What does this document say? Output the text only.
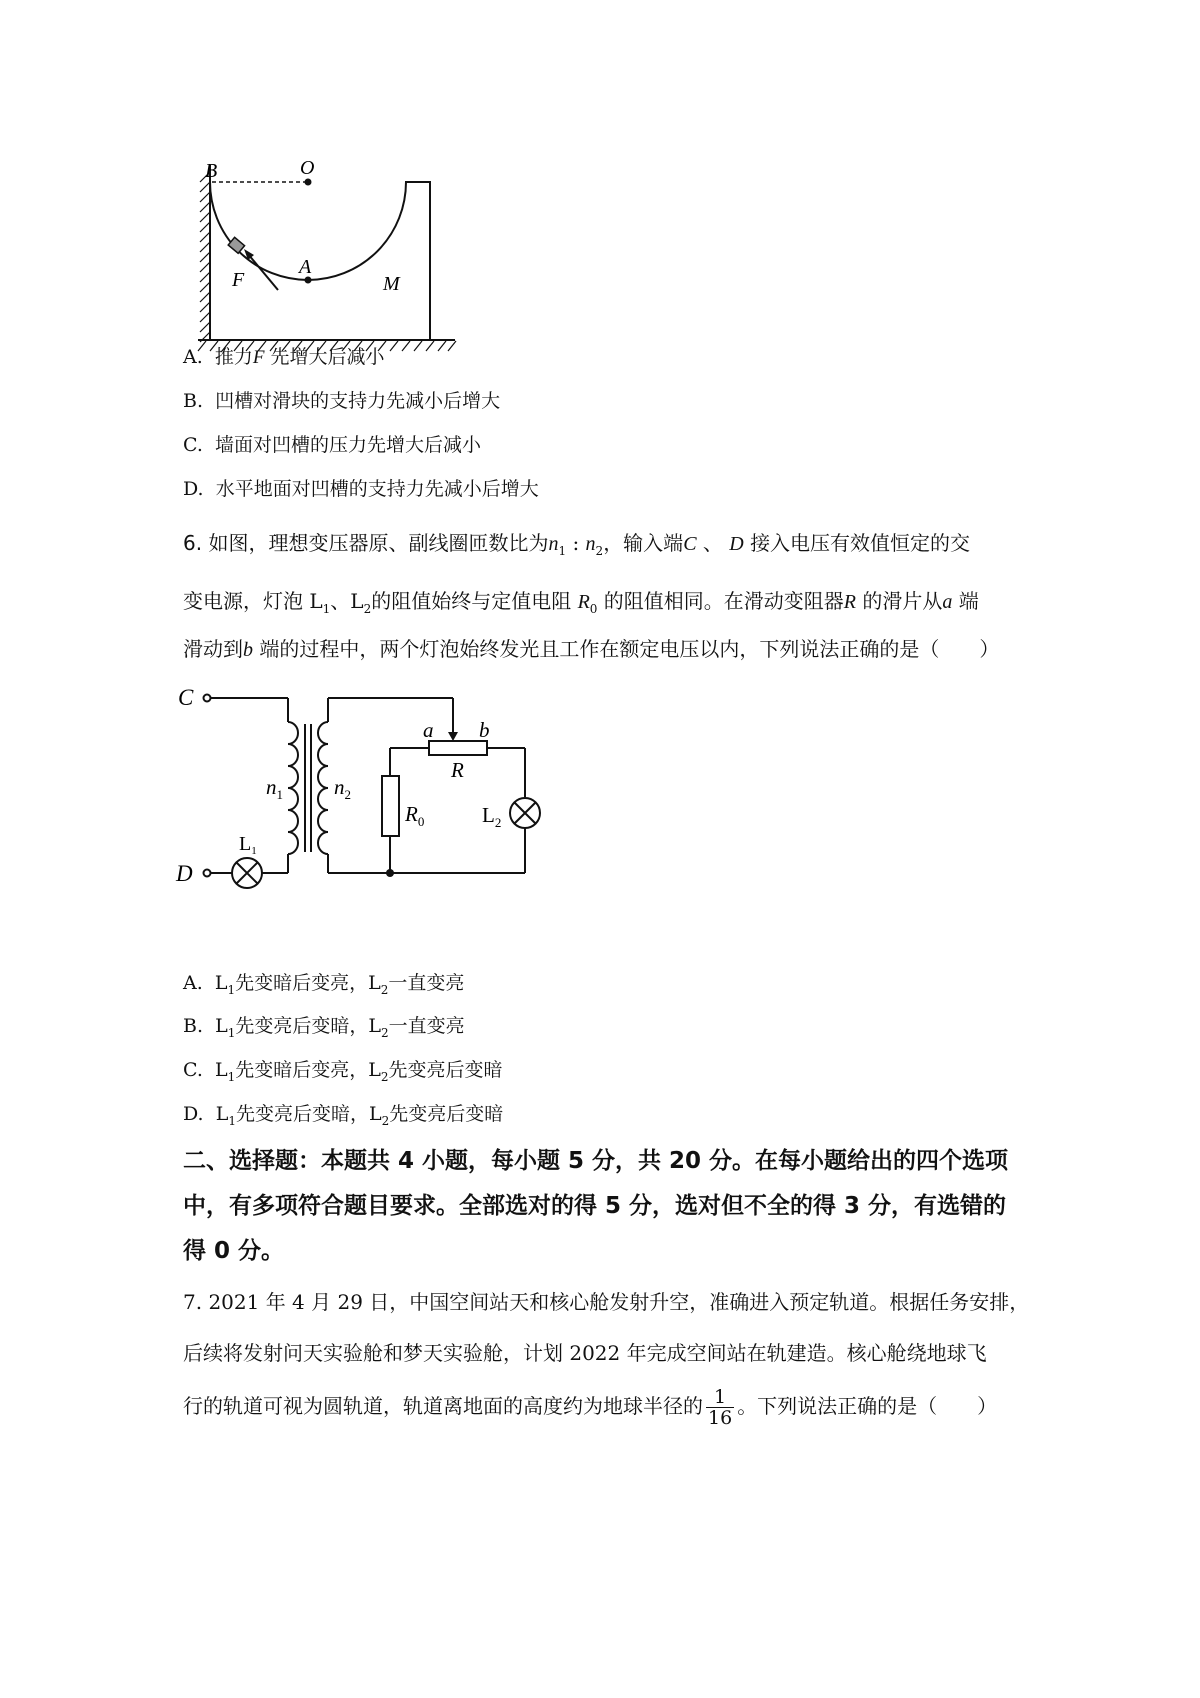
B	O
A
F	M
A. 推力F 先增大后减小
B. 凹槽对滑块的支持力先减小后增大
C. 墙面对凹槽的压力先增大后减小
D. 水平地面对凹槽的支持力先减小后增大
6. 如图，理想变压器原、副线圈匝数比为$n_1$ : $n_2$，输入端C 、 D 接入电压有效值恒定的交
变电源，灯泡 $L_1$、$L_2$的阻值始终与定值电阻 $R_0$ 的阻值相同。在滑动变阻器R 的滑片从a 端
滑动到b 端的过程中，两个灯泡始终发光且工作在额定电压以内，下列说法正确的是（　　）
C
D
$n_1$ $n_2$
$L_1$
$L_2$
$R_0$
R
a b
A. $L_1$先变暗后变亮，$L_2$一直变亮
B. $L_1$先变亮后变暗，$L_2$一直变亮
C. $L_1$先变暗后变亮，$L_2$先变亮后变暗
D. $L_1$先变亮后变暗，$L_2$先变亮后变暗
二、选择题：本题共 4 小题，每小题 5 分，共 20 分。在每小题给出的四个选项
中，有多项符合题目要求。全部选对的得 5 分，选对但不全的得 3 分，有选错的
得 0 分。
7. 2021 年 4 月 29 日，中国空间站天和核心舱发射升空，准确进入预定轨道。根据任务安排，
后续将发射问天实验舱和梦天实验舱，计划 2022 年完成空间站在轨建造。核心舱绕地球飞
行的轨道可视为圆轨道，轨道离地面的高度约为地球半径的 $\frac{1}{16}$ 。下列说法正确的是（　　）
